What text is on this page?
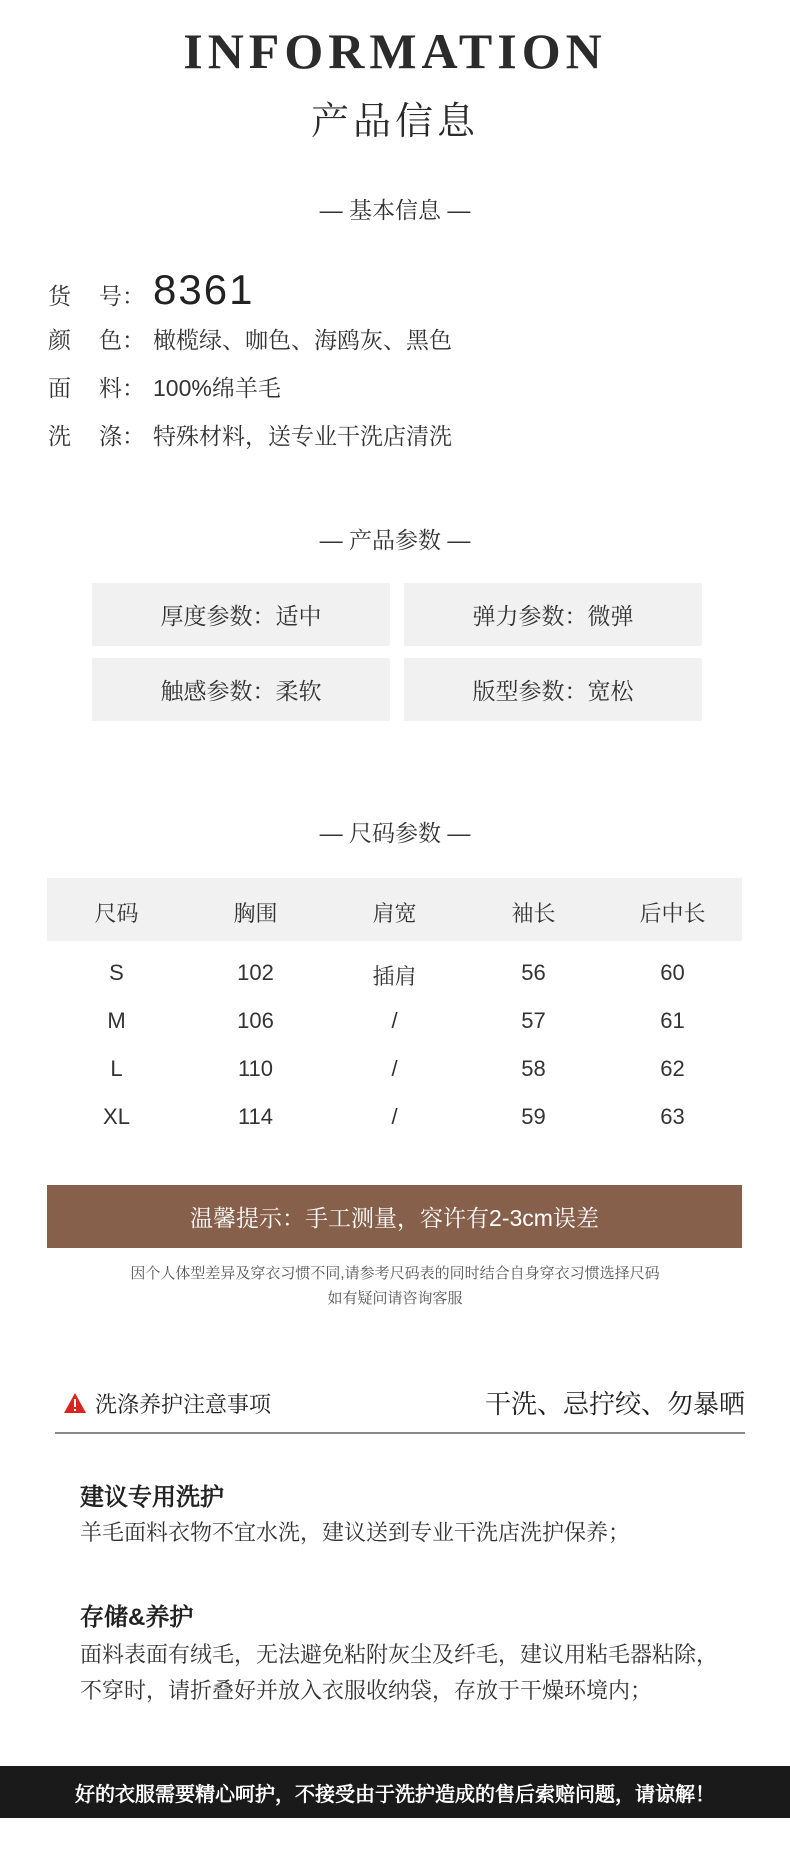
INFORMATION
产品信息
— 基本信息 —
货 号： 8361
颜 色： 橄榄绿、咖色、海鸥灰、黑色
面 料： 100%绵羊毛
洗 涤： 特殊材料，送专业干洗店清洗
— 产品参数 —
厚度参数：适中	弹力参数：微弹
触感参数：柔软	版型参数：宽松
— 尺码参数 —
尺码	胸围	肩宽	袖长	后中长
S	102	插肩	56	60
M	106	/	57	61
L	110	/	58	62
XL	114	/	59	63
温馨提示：手工测量，容许有2-3cm误差
因个人体型差异及穿衣习惯不同,请参考尺码表的同时结合自身穿衣习惯选择尺码
如有疑问请咨询客服
洗涤养护注意事项	干洗、忌拧绞、勿暴晒
建议专用洗护
羊毛面料衣物不宜水洗，建议送到专业干洗店洗护保养；
存储&养护
面料表面有绒毛，无法避免粘附灰尘及纤毛，建议用粘毛器粘除，
不穿时，请折叠好并放入衣服收纳袋，存放于干燥环境内；
好的衣服需要精心呵护，不接受由于洗护造成的售后索赔问题，请谅解！
